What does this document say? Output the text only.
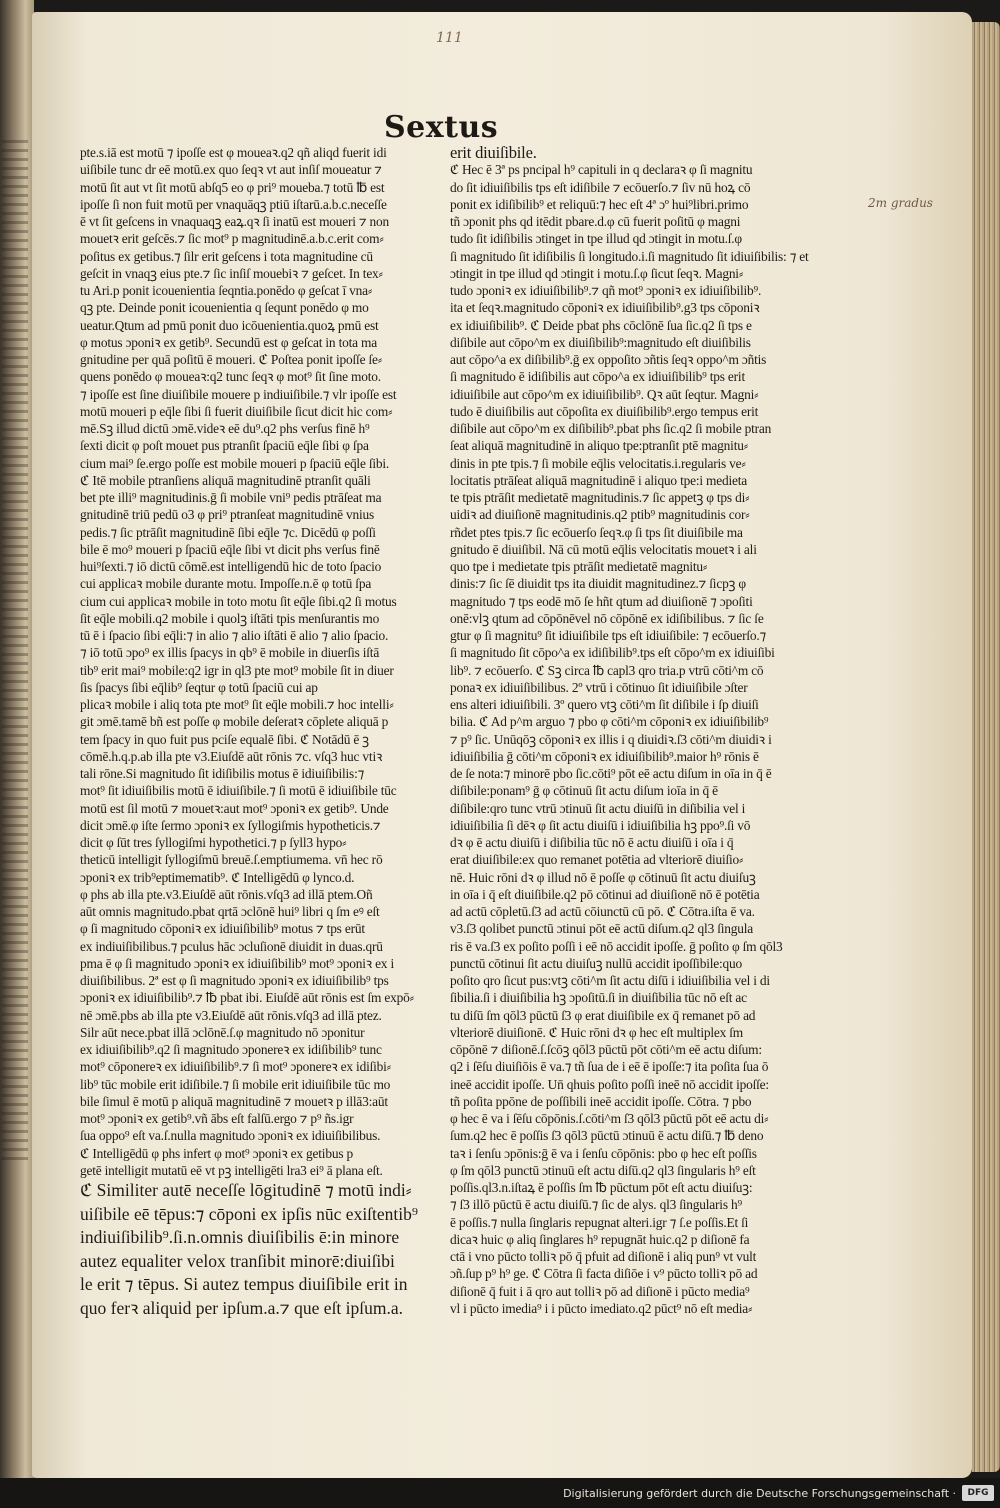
111
Sextus
2m gradus

pte.s.iā est motū ⁊ ipoſſe est φ moueaꝛ.q2 qñ aliqd fuerit idi

uiſibile tunc dr eē motū.ex quo ſeqꝛ vt aut inſiſ moueatur ⁊

motū ſit aut vt ſit motū abſq5 eo φ pri⁹ moueba.⁊ totū ℔ est

ipoſſe ſi non fuit motū per vnaquāqꝫ ptiū iſtarū.a.b.c.neceſſe

ē vt ſit geſcens in vnaquaqꝫ eaꝝ.qꝛ ſi inatū est moueri ⁊ non

mouetꝛ erit geſcēs.⁊ ſic mot⁹ p magnitudinē.a.b.c.erit com⸗

poſitus ex getibus.⁊ ſilr erit geſcens i tota magnitudine cū

geſcit in vnaqꝫ eius pte.⁊ ſic inſiſ mouebiꝛ ⁊ geſcet. In tex⸗

tu Ari.p ponit icouenientia ſeqntia.ponēdo φ geſcat ī vna⸗

qꝫ pte. Deinde ponit icouenientia q ſequnt ponēdo φ mo

ueatur.Qtum ad pmū ponit duo icōuenientia.quoꝝ pmū est

φ motus ɔponiꝛ ex getib⁹. Secundū est φ geſcat in tota ma

gnitudine per quā poſitū ē moueri. ℭ Poſtea ponit ipoſſe ſe⸗

quens ponēdo φ moueaꝛ:q2 tunc ſeqꝛ φ mot⁹ ſit ſine moto.

⁊ ipoſſe est ſine diuiſibile mouere p indiuiſibile.⁊ vlr ipoſſe est

motū moueri p eq̄le ſibi ſi fuerit diuiſibile ſicut dicit hic com⸗

mē.Sꝫ illud dictū ɔmē.videꝛ eē du⁹.q2 phs verſus finē h⁹

ſexti dicit φ poſt mouet pus ptranſit ſpaciū eq̄le ſibi φ ſpa

cium mai⁹ ſe.ergo poſſe est mobile moueri p ſpaciū eq̄le ſibi.

ℭ Itē mobile ptranſiens aliquā magnitudinē ptranſit quāli

bet pte illi⁹ magnitudinis.ḡ ſi mobile vni⁹ pedis ptrāſeat ma

gnitudinē triū pedū o3 φ pri⁹ ptranſeat magnitudinē vnius

pedis.⁊ ſic ptrāſit magnitudinē ſibi eq̄le ⁊c. Dicēdū φ poſſi

bile ē mo⁹ moueri p ſpaciū eq̄le ſibi vt dicit phs verſus finē

hui⁹ſexti.⁊ iō dictū cōmē.est intelligendū hic de toto ſpacio

cui applicaꝛ mobile durante motu. Impoſſe.n.ē φ totū ſpa

cium cui applicaꝛ mobile in toto motu ſit eq̄le ſibi.q2 ſi motus

ſit eq̄le mobili.q2 mobile i quolꝫ iſtāti tpis menſurantis mo

tū ē i ſpacio ſibi eq̄li:⁊ in alio ⁊ alio iſtāti ē alio ⁊ alio ſpacio.

⁊ iō totū ɔpo⁹ ex illis ſpacys in qb⁹ ē mobile in diuerſis iſtā

tib⁹ erit mai⁹ mobile:q2 igr in ql3 pte mot⁹ mobile ſit in diuer

ſis ſpacys ſibi eq̄lib⁹ ſeqtur φ totū ſpaciū cui ap

plicaꝛ mobile i aliq tota pte mot⁹ ſit eq̄le mobili.⁊ hoc intelli⸗

git ɔmē.tamē bñ est poſſe φ mobile deſeratꝛ cōplete aliquā p

tem ſpacy in quo fuit pus pciſe equalē ſibi. ℭ Notādū ē ꝫ

cōmē.h.q.p.ab illa pte v3.Eiuſdē aūt rōnis ⁊c. vſq3 huc vtiꝛ

tali rōne.Si magnitudo ſit idiſibilis motus ē idiuiſibilis:⁊

mot⁹ ſit idiuiſibilis motū ē idiuiſibile.⁊ ſi motū ē idiuiſibile tūc

motū est ſil motū ⁊ mouetꝛ:aut mot⁹ ɔponiꝛ ex getib⁹. Unde

dicit ɔmē.φ iſte ſermo ɔponiꝛ ex ſyllogiſmis hypotheticis.⁊

dicit φ ſūt tres ſyllogiſmi hypothetici.⁊ p ſyll3 hypo⸗

theticū intelligit ſyllogiſmū breuē.ſ.emptiumema. vn̄ hec rō

ɔponiꝛ ex trib⁹eptimematib⁹. ℭ Intelligēdū φ lynco.d.

φ phs ab illa pte.v3.Eiuſdē aūt rōnis.vſq3 ad illā ptem.Oñ

aūt omnis magnitudo.pbat qrtā ɔclōnē hui⁹ libri q ſm eꝰ eſt

φ ſi magnitudo cōponiꝛ ex idiuiſibilib⁹ motus ⁊ tps erūt

ex indiuiſibilibus.⁊ pculus hāc ɔcluſionē diuidit in duas.qrū

pma ē φ ſi magnitudo ɔponiꝛ ex idiuiſibilib⁹ mot⁹ ɔponiꝛ ex i

diuiſibilibus. 2ª est φ ſi magnitudo ɔponiꝛ ex idiuiſibilib⁹ tps

ɔponiꝛ ex idiuiſibilib⁹.⁊ ℔ pbat ibi. Eiuſdē aūt rōnis est ſm expō⸗

nē ɔmē.pbs ab illa pte v3.Eiuſdē aūt rōnis.vſq3 ad illā ptez.

Silr aūt nece.pbat illā ɔclōnē.ſ.φ magnitudo nō ɔponitur

ex idiuiſibilib⁹.q2 ſi magnitudo ɔponereꝛ ex idiſibilib⁹ tunc

mot⁹ cōponereꝛ ex idiuiſibilib⁹.⁊ ſi mot⁹ ɔponereꝛ ex idiſibi⸗

lib⁹ tūc mobile erit idiſibile.⁊ ſi mobile erit idiuiſibile tūc mo

bile ſimul ē motū p aliquā magnitudinē ⁊ mouetꝛ p illā3:aūt

mot⁹ ɔponiꝛ ex getib⁹.vñ ābs eſt falſū.ergo ⁊ p⁹ ñs.igr

ſua oppo⁹ eſt va.ſ.nulla magnitudo ɔponiꝛ ex idiuiſibilibus.

ℭ Intelligēdū φ phs infert φ mot⁹ ɔponiꝛ ex getibus p

getē intelligit mutatū eē vt pꝫ intelligēti lra3 ei⁹ ā plana eſt.

ℭ Similiter autē neceſſe lōgitudinē ⁊ motū indi⸗

uiſibile eē tēpus:⁊ cōponi ex ipſis nūc exiſtentib⁹

indiuiſibilib⁹.ſi.n.omnis diuiſibilis ē:in minore

autez equaliter velox tranſibit minorē:diuiſibi

le erit ⁊ tēpus. Si autez tempus diuiſibile erit in

quo ferꝛ aliquid per ipſum.a.⁊ que eſt ipſum.a.

erit diuiſibile.

ℭ Hec ē 3ª ps pncipal h⁹ capituli in q declaraꝛ φ ſi magnitu

do ſit idiuiſibilis tps eſt idiſibile ⁊ ecōuerſo.⁊ ſiv nū hoꝝ cō

ponit ex idiſibilib⁹ et reliquū:⁊ hec eſt 4ª ɔº hui⁹libri.primo

tñ ɔponit phs qd itēdit pbare.d.φ cū fuerit poſitū φ magni

tudo ſit idiſibilis ɔtinget in tpe illud qd ɔtingit in motu.ſ.φ

ſi magnitudo ſit idiſibilis ſi longitudo.i.ſi magnitudo ſit idiuiſibilis: ⁊ et

ɔtingit in tpe illud qd ɔtingit i motu.ſ.φ ſicut ſeqꝛ. Magni⸗

tudo ɔponiꝛ ex idiuiſibilib⁹.⁊ qñ mot⁹ ɔponiꝛ ex idiuiſibilib⁹.

ita et ſeqꝛ.magnitudo cōponiꝛ ex idiuiſibilib⁹.g3 tps cōponiꝛ

ex idiuiſibilib⁹. ℭ Deide pbat phs cōclōnē ſua ſic.q2 ſi tps e

diſibile aut cōpo^m ex diuiſibilib⁹:magnitudo eſt diuiſibilis

aut cōpo^a ex diſibilib⁹.ḡ ex oppoſito ɔñtis ſeqꝛ oppo^m ɔñtis

ſi magnitudo ē idiſibilis aut cōpo^a ex idiuiſibilib⁹ tps erit

idiuiſibile aut cōpo^m ex idiuiſibilib⁹. Qꝛ aūt ſeqtur. Magni⸗

tudo ē diuiſibilis aut cōpoſita ex diuiſibilib⁹.ergo tempus erit

diſibile aut cōpo^m ex diſibilib⁹.pbat phs ſic.q2 ſi mobile ptran

ſeat aliquā magnitudinē in aliquo tpe:ptranſit ptē magnitu⸗

dinis in pte tpis.⁊ ſi mobile eq̄lis velocitatis.i.regularis ve⸗

locitatis ptrāſeat aliquā magnitudinē i aliquo tpe:i medieta

te tpis ptrāſit medietatē magnitudinis.⁊ ſic appetꝫ φ tps di⸗

uidiꝛ ad diuiſionē magnitudinis.q2 ptib⁹ magnitudinis cor⸗

rñdet ptes tpis.⁊ ſic ecōuerſo ſeqꝛ.φ ſi tps ſit diuiſibile ma

gnitudo ē diuiſibil. Nā cū motū eq̄lis velocitatis mouetꝛ i ali

quo tpe i medietate tpis ptrāſit medietatē magnitu⸗

dinis:⁊ ſic ſē diuidit tps ita diuidit magnitudinez.⁊ ſicpꝫ φ

magnitudo ⁊ tps eodē mō ſe hñt qtum ad diuiſionē ⁊ ɔpoſiti

onē:vlꝫ qtum ad cōpōnēvel nō cōpōnē ex idiſibilibus. ⁊ ſic ſe

gtur φ ſi magnitu⁹ ſit idiuiſibile tps eſt idiuiſibile: ⁊ ecōuerſo.⁊

ſi magnitudo ſit cōpo^a ex idiſibilib⁹.tps eſt cōpo^m ex idiuiſibi

lib⁹. ⁊ ecōuerſo. ℭ Sꝫ circa ℔ capl3 qro tria.p vtrū cōti^m cō

ponaꝛ ex idiuiſibilibus. 2º vtrū i cōtinuo ſit idiuiſibile ɔſter

ens alteri idiuiſibili. 3º quero vtꝫ cōti^m ſit diſibile i ſp diuiſi

bilia. ℭ Ad p^m arguo ⁊ pbo φ cōti^m cōponiꝛ ex idiuiſibilib⁹

⁊ p⁹ ſic. Unūqōꝫ cōponiꝛ ex illis i q diuidiꝛ.ſ3 cōti^m diuidiꝛ i

idiuiſibilia ḡ cōti^m cōponiꝛ ex idiuiſibilib⁹.maior h⁹ rōnis ē

de ſe nota:⁊ minorē pbo ſic.cōti⁹ pōt eē actu diſum in oīa in q̄ ē

diſibile:ponam⁹ ḡ φ cōtinuū ſit actu diſum ioīa in q̄ ē

diſibile:qro tunc vtrū ɔtinuū ſit actu diuiſū in diſibilia vel i

idiuiſibilia ſi dēꝛ φ ſit actu diuiſū i idiuiſibilia hꝫ ppo⁹.ſi vō

dꝛ φ ē actu diuiſū i diſibilia tūc nō ē actu diuiſū i oīa i q̄

erat diuiſibile:ex quo remanet potētia ad vlteriorē diuiſio⸗

nē. Huic rōni dꝛ φ illud nō ē poſſe φ cōtinuū ſit actu diuiſuꝫ

in oīa i q̄ eſt diuiſibile.q2 pō cōtinui ad diuiſionē nō ē potētia

ad actū cōpletū.ſ3 ad actū cōiunctū cū pō. ℭ Cōtra.iſta ē va.

v3.ſ3 qolibet punctū ɔtinui pōt eē actū diſum.q2 ql3 ſingula

ris ē va.ſ3 ex poſito poſſi i eē nō accidit ipoſſe. ḡ poſito φ ſm qōl3

punctū cōtinui ſit actu diuiſuꝫ nullū accidit ipoſſibile:quo

poſito qro ſicut pus:vtꝫ cōti^m ſit actu diſū i idiuiſibilia vel i di

ſibilia.ſi i diuiſibilia hꝫ ɔpoſitū.ſi in diuiſibilia tūc nō eſt ac

tu diſū ſm qōl3 pūctū ſ3 φ erat diuiſibile ex q̄ remanet pō ad

vlteriorē diuiſionē. ℭ Huic rōni dꝛ φ hec eſt multiplex ſm

cōpōnē ⁊ diſionē.ſ.ſcōꝫ qōl3 pūctū pōt cōti^m eē actu diſum:

q2 i ſēſu diuiſiōis ē va.⁊ tñ ſua de i eē ē ipoſſe:⁊ ita poſita ſua ō

ineē accidit ipoſſe. Un̄ qhuis poſito poſſi ineē nō accidit ipoſſe:

tñ poſita ppōne de poſſibili ineē accidit ipoſſe. Cōtra. ⁊ pbo

φ hec ē va i ſēſu cōpōnis.ſ.cōti^m ſ3 qōl3 pūctū pōt eē actu di⸗

ſum.q2 hec ē poſſis ſ3 qōl3 pūctū ɔtinuū ē actu diſū.⁊ ℔ deno

taꝛ i ſenſu ɔpōnis:ḡ ē va i ſenſu cōpōnis: pbo φ hec eſt poſſis

φ ſm qōl3 punctū ɔtinuū eſt actu diſū.q2 ql3 ſingularis h⁹ eſt

poſſis.ql3.n.iſtaꝝ ē poſſis ſm ℔ pūctum pōt eſt actu diuiſuꝫ:

⁊ ſ3 illō pūctū ē actu diuiſū.⁊ ſic de alys. ql3 ſingularis h⁹

ē poſſis.⁊ nulla ſinglaris repugnat alteri.igr ⁊ ſ.e poſſis.Et ſi

dicaꝛ huic φ aliq ſinglares h⁹ repugnāt huic.q2 p diſionē fa

ctā i vno pūcto tolliꝛ pō q̄ pfuit ad diſionē i aliq pun⁹ vt vult

ɔñ.ſup p⁹ h⁹ ge. ℭ Cōtra ſi facta diſiōe i v⁹ pūcto tolliꝛ pō ad

diſionē q̄ fuit i ā qro aut tolliꝛ pō ad diſionē i pūcto media⁹

vl i pūcto imedia⁹ i i pūcto imediato.q2 pūct⁹ nō eſt media⸗

Digitalisierung gefördert durch die Deutsche Forschungsgemeinschaft ·	DFG
